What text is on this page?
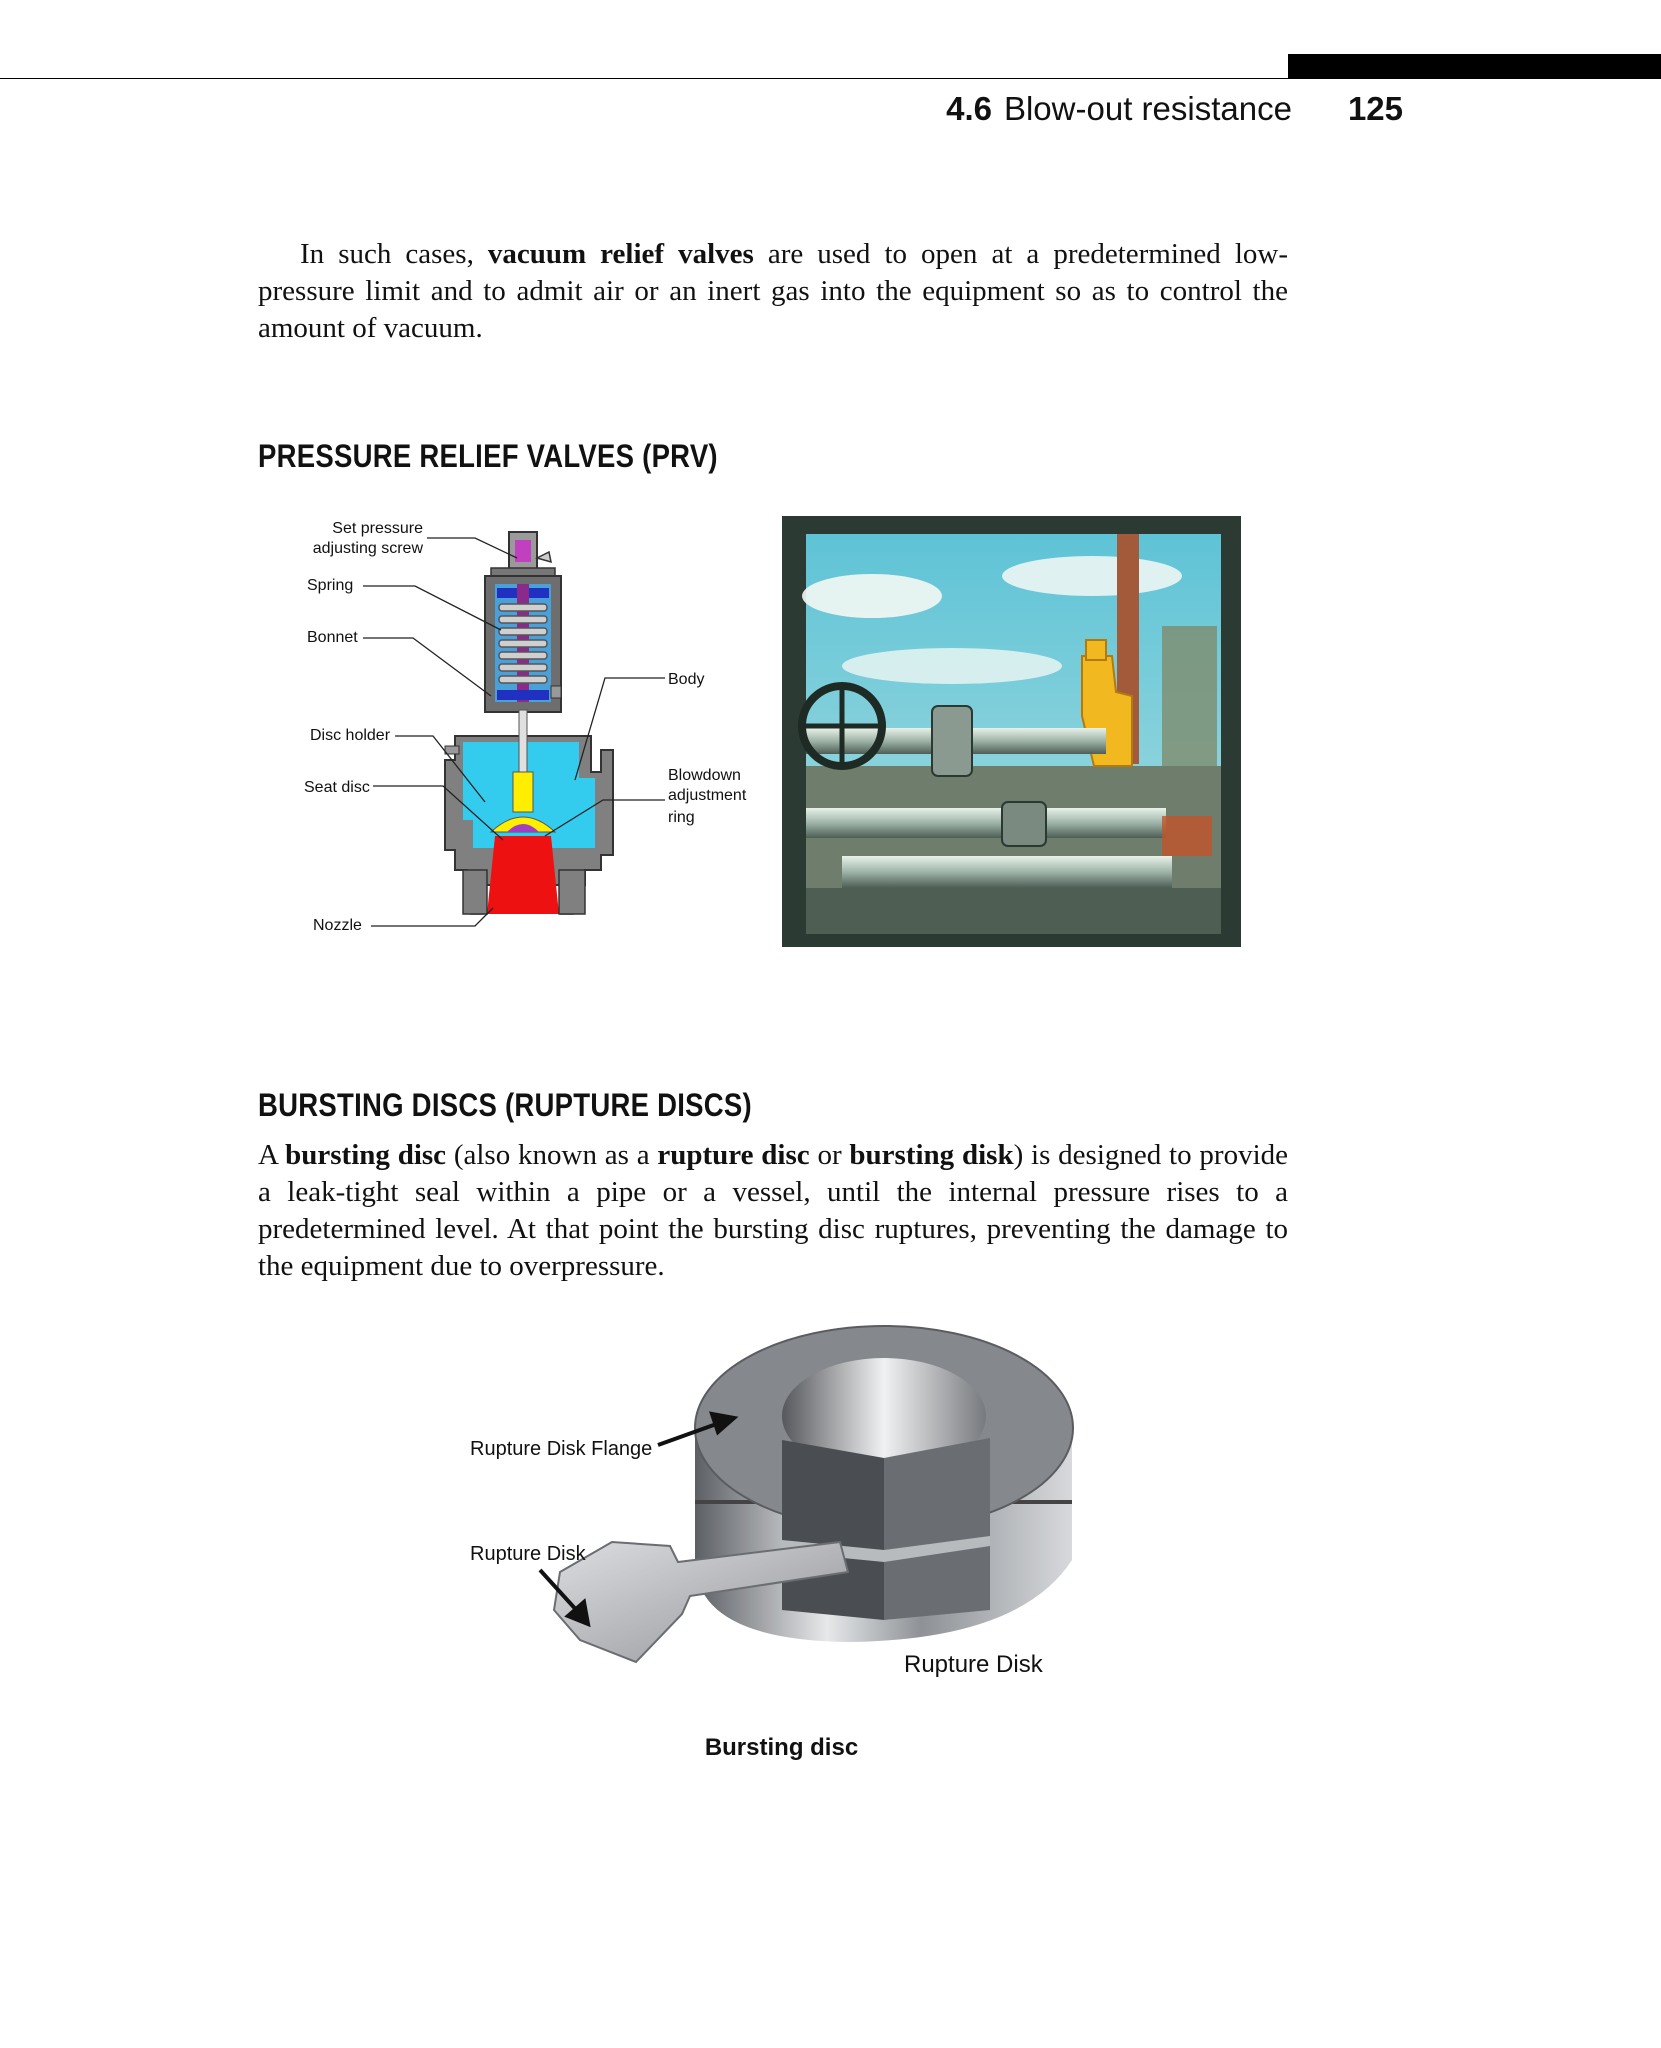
4.6 Blow-out resistance 125

In such cases, vacuum relief valves are used to open at a predetermined low-pressure limit and to admit air or an inert gas into the equipment so as to control the amount of vacuum.

PRESSURE RELIEF VALVES (PRV)
Set pressure
adjusting screw
Spring
Bonnet
Body
Disc holder
Seat disc
Blowdown
adjustment
ring
Nozzle
BURSTING DISCS (RUPTURE DISCS)

A bursting disc (also known as a rupture disc or bursting disk) is designed to provide a leak-tight seal within a pipe or a vessel, until the internal pressure rises to a predetermined level. At that point the bursting disc ruptures, preventing the damage to the equipment due to overpressure.

Rupture Disk Flange
Rupture Disk
Rupture Disk
Bursting disc
